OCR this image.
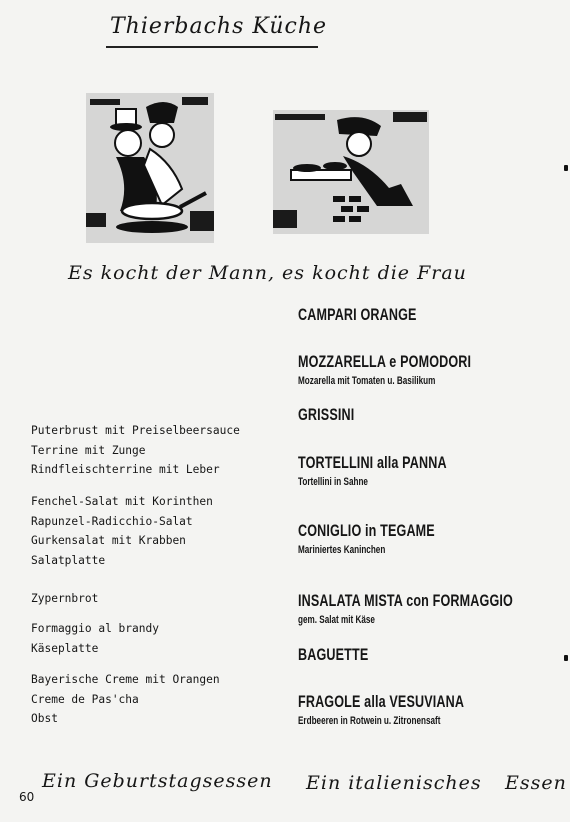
Thierbachs Küche
Es kocht der Mann, es kocht die Frau
Puterbrust mit Preiselbeersauce
Terrine mit Zunge
Rindfleischterrine mit Leber
Fenchel-Salat mit Korinthen
Rapunzel-Radicchio-Salat
Gurkensalat mit Krabben
Salatplatte
Zypernbrot
Formaggio al brandy
Käseplatte
Bayerische Creme mit Orangen
Creme de Pas'cha
Obst
CAMPARI ORANGE
MOZZARELLA e POMODORI
Mozarella mit Tomaten u. Basilikum
GRISSINI
TORTELLINI alla PANNA
Tortellini in Sahne
CONIGLIO in TEGAME
Mariniertes Kaninchen
INSALATA MISTA con FORMAGGIO
gem. Salat mit Käse
BAGUETTE
FRAGOLE alla VESUVIANA
Erdbeeren in Rotwein u. Zitronensaft
Ein Geburtstagsessen Ein italienisches Essen
60
